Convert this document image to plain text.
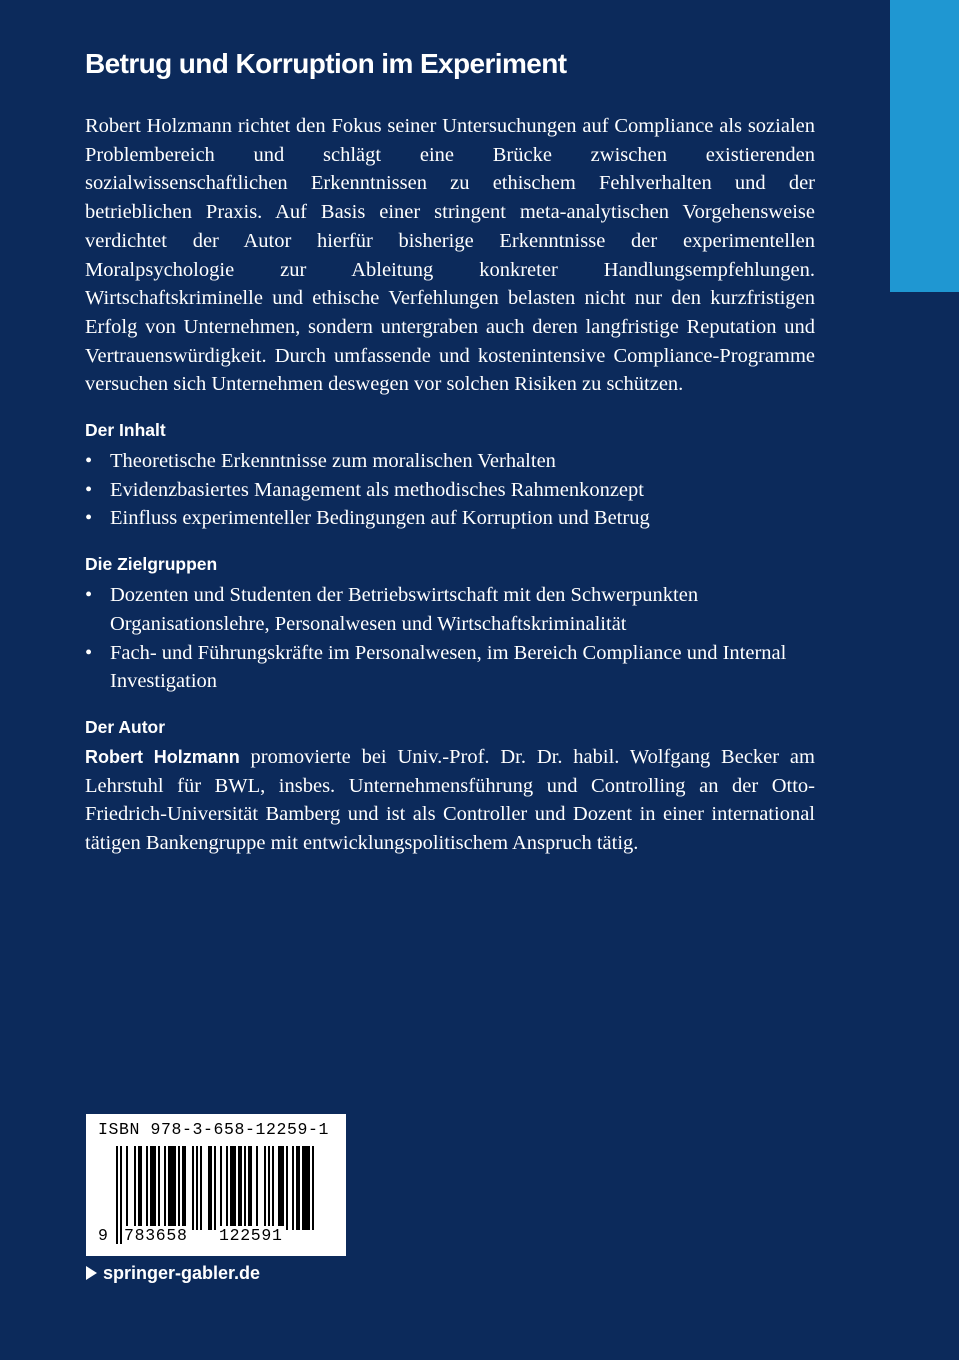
Betrug und Korruption im Experiment

Robert Holzmann richtet den Fokus seiner Untersuchungen auf Compliance als sozialen Problembereich und schlägt eine Brücke zwischen existierenden sozialwissenschaftlichen Erkenntnissen zu ethischem Fehlverhalten und der betrieblichen Praxis. Auf Basis einer stringent meta-analytischen Vorgehensweise verdichtet der Autor hierfür bisherige Erkenntnisse der experimentellen Moralpsychologie zur Ableitung konkreter Handlungsempfehlungen. Wirtschaftskriminelle und ethische Verfehlungen belasten nicht nur den kurzfristigen Erfolg von Unternehmen, sondern untergraben auch deren langfristige Reputation und Vertrauenswürdigkeit. Durch umfassende und kostenintensive Compliance-Programme versuchen sich Unternehmen deswegen vor solchen Risiken zu schützen.

Der Inhalt
• Theoretische Erkenntnisse zum moralischen Verhalten
• Evidenzbasiertes Management als methodisches Rahmenkonzept
• Einfluss experimenteller Bedingungen auf Korruption und Betrug
Die Zielgruppen
• Dozenten und Studenten der Betriebswirtschaft mit den Schwerpunkten Organisationslehre, Personalwesen und Wirtschaftskriminalität
• Fach- und Führungskräfte im Personalwesen, im Bereich Compliance und Internal Investigation
Der Autor

Robert Holzmann promovierte bei Univ.-Prof. Dr. Dr. habil. Wolfgang Becker am Lehrstuhl für BWL, insbes. Unternehmensführung und Controlling an der Otto-Friedrich-Universität Bamberg und ist als Controller und Dozent in einer international tätigen Bankengruppe mit entwicklungspolitischem Anspruch tätig.

ISBN 978-3-658-12259-1
9 783658 122591
springer-gabler.de
